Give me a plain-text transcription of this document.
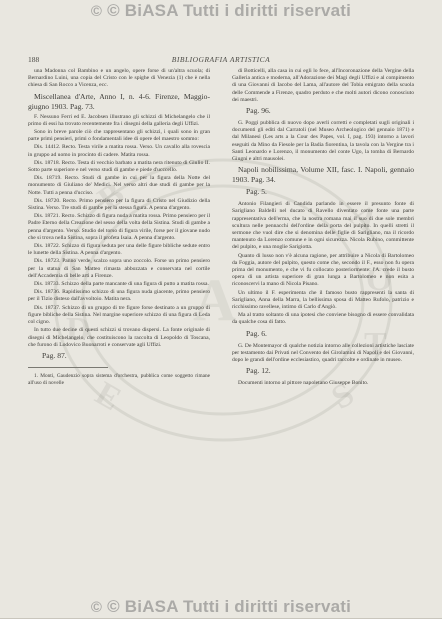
© © BiASA Tutti i diritti riservati
B
I
D
E
A
O
T
S
A
188	BIBLIOGRAFIA ARTISTICA

una Madonna col Bambino e un angelo, opere forse di un'altra scuola; di Bernardino Luini, una copia del Cristo con le spighe di Venezia (1) che è nella chiesa di San Rocco a Vicenza, ecc.

Miscellanea d'Arte, Anno I, n. 4-6. Firenze, Maggio-giugno 1903. Pag. 73.

F. Nessuno Ferri ed E. Jacobsen illustrano gli schizzi di Michelangelo che il primo di essi ha trovato recentemente fra i disegni della galleria degli Uffizi.

Sono in breve parole ciò che rappresentano gli schizzi, i quali sono in gran parte primi pensieri, primi o fondamentali idee di opere del maestro sommo:

Dis. 14412. Recto. Testa virile a matita rossa. Verso. Un cavallo alla rovescia in gruppo ad uomo in procinto di cadere. Matita rossa.

Dis. 18718. Recto. Testa di vecchio barbato a matita nera ritenuto di Giulio II. Sotto parte superiore e nel verso studi di gambe e piede d'ucccello.

Dis. 18719. Recto. Studi di gambe in cui per la figura della Notte del monumento di Giuliano de' Medici. Nel verso altri due studi di gambe per la Notte. Tutti a penna d'ucciso.

Dis. 18720. Recto. Primo pensiero per la figura di Cristo nel Giudizio della Sistina. Verso. Tre studi di gambe per la stessa figura. A penna d'argento.

Dis. 18721. Recto. Schizzo di figura nuda a matita rossa. Primo pensiero per il Padre Eterno della Creazione del sesso della volta della Sistina. Studi di gambe a penna d'argento. Verso. Studio del torso di figura virile, forse per il giovane nudo che si trova nella Sistina, sopra il profeta Isaia. A penna d'argento.

Dis. 18722. Schizzo di figura seduta per una delle figure bibliche sedute entro le lunette della Sistina. A penna d'argento.

Dis. 18723. Panno verde, scalzo sopra uno zoccolo. Forse un primo pensiero per la statua di San Matteo rimasta abbozzata e conservata nel cortile dell'Accademia di belle arti a Firenze.

Dis. 18733. Schizzo della parte mancante di una figura di putto a matita rossa.

Dis. 18736. Rapidissimo schizzo di una figura nuda giacente, primo pensiero per il Tizio disteso dall'avvoltoio. Matita nera.

Dis. 18737. Schizzo di un gruppo di tre figure forse destinato a un gruppo di figure bibliche della Sistina. Nel margine superiore schizzo di una figura di Leda col cigno.

In tutto due decine di questi schizzi si trovano dispersi. La fonte originale di disegni di Michelangelo, che costituiscono la raccolta di Leopoldo di Toscana, che furono di Lodovico Buonarroti e conservate agli Uffizi.

Pag. 87.

1. Monti, Gaudenzio sopra sistema d'orchestra, pubblica come soggetto rimane all'uso di novelle

di Botticelli, alla casa in cui egli lo fece, all'Incoronazione della Vergine della Galleria antica e moderna, all'Adorazione dei Magi degli Uffizi e al compimento di una Giovanni di Iacobo del Lama, all'autore del Tobia emigrato della scuola delle Commende a Firenze, quadro perduto e che molti autori dicono conosciuto dei maestri.

Pag. 96.

G. Poggi pubblica di nuovo dopo averli corretti e completati sugli originali i documenti gli editi dal Carratoli (nel Museo Archeologico del gennaio 1871) e dal Milanesi (Les arts a la Cour des Papes, vol. I, pag. 193) intorno a lavori eseguiti da Mino da Fiesole per la Badia fiorentina, la tavola con la Vergine tra i Santi Leonardo e Lorenzo, il monumento del conte Ugo, la tomba di Bernardo Giugni e altri mausolei.

Napoli nobilissima, Volume XII, fasc. I. Napoli, gennaio 1903. Pag. 34.

Pag. 5.

Antonio Filangieri di Candida parlando in essere il presunto fonte di Sarigliano Baldelli nel ducato di Ravello diventato come fonte una parte rappresentativa dell'erma, che la nostra romana mai il suo di due sole membri scultura nelle pennacchi dell'ordine della porta del pulpito. In quelli stretti il sermone che vuol dire che si denomina delle figlie di Sarigliano, ma il ricordo mantenuto da Lorenzo comune e in ogni sicurezza. Nicola Rubino, committente del pulpito, e una moglie Sarigiotta.

Quanto di lusso non v'è alcuna ragione, per attribuire a Nicola di Bartolomeo da Foggia, autore del pulpito, questo come che, secondo il F., esso non fu opera prima del monumento, e che vi fu collocato posteriormente: l'A. crede il busto opera di un artista superiore di gran lunga a Bartolomeo e non esita a riconoscervi la mano di Nicola Pisano.

Un ultimo il F. esperimenta che il famoso busto rappresenti la santa di Sarigliano, Anna della Marra, la bellissima sposa di Matteo Rufolo, patrizio e ricchissimo ravellese, intimo di Carlo d'Angiò.

Ma al tratto soltanto di una ipotesi che conviene bisogno di essere convalidata da qualche cosa di fatto.

Pag. 6.

G. De Montemayor di qualche notizia intorno alle collezioni artistiche lasciate per testamento dai Privati nel Convento dei Girolamini di Napoli e dei Giovanni, dopo le grandi dell'ordine ecclesiastico, quadri raccolte e ordinate in museo.

Pag. 12.

Documenti intorno al pittore napoletano Giuseppe Bonito.

© © BiASA Tutti i diritti riservati
